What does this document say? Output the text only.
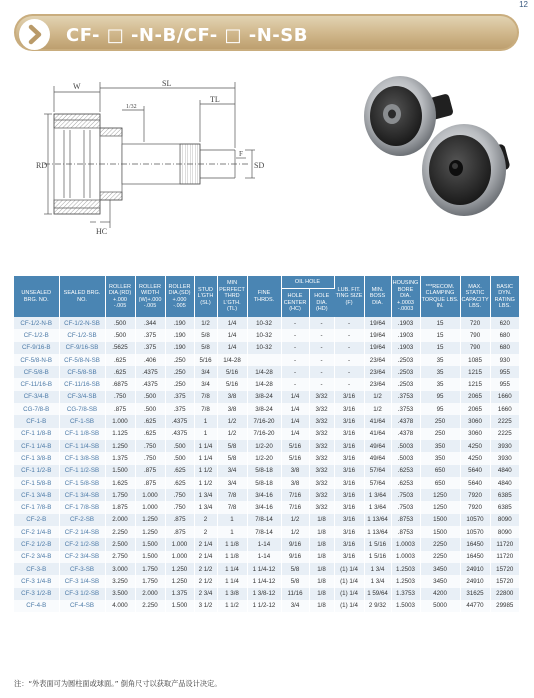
12
CF- □ -N-B/CF- □ -N-SB
W	SL
1/32
TL
RD
F
SD
HC
UNSEALED BRG. NO.	SEALED BRG. NO.	ROLLER DIA.(RD) +.000 -.005	ROLLER WIDTH (W)+.000 -.005	ROLLER DIA.(SD) +.000 -.005	STUD L'GTH (SL)	MIN PERFECT THRD L'GTH.(TL)	FINE THRDS.	OIL HOLE		LUB. FIT. TING SIZE (F)	MIN. BOSS DIA.	HOUSING BORE DIA. +.0003 -.0003	***RECOM. CLAMPING TORQUE LBS. IN.	MAX. STATIC CAPACITY LBS.	BASIC DYN. RATING LBS.
								HOLE CENTER (HC)	HOLE DIA. (HD)						
CF-1/2-N-B	CF-1/2-N-SB	.500	.344	.190	1/2	1/4	10-32	-	-	-	19/64	.1903	15	720	620
CF-1/2-B	CF-1/2-SB	.500	.375	.190	5/8	1/4	10-32	-	-	-	19/64	.1903	15	790	680
CF-9/16-B	CF-9/16-SB	.5625	.375	.190	5/8	1/4	10-32	-	-	-	19/64	.1903	15	790	680
CF-5/8-N-B	CF-5/8-N-SB	.625	.406	.250	5/16	1/4-28		-	-	-	23/64	.2503	35	1085	930
CF-5/8-B	CF-5/8-SB	.625	.4375	.250	3/4	5/16	1/4-28	-	-	-	23/64	.2503	35	1215	955
CF-11/16-B	CF-11/16-SB	.6875	.4375	.250	3/4	5/16	1/4-28	-	-	-	23/64	.2503	35	1215	955
CF-3/4-B	CF-3/4-SB	.750	.500	.375	7/8	3/8	3/8-24	1/4	3/32	3/16	1/2	.3753	95	2065	1660
CG-7/8-B	CG-7/8-SB	.875	.500	.375	7/8	3/8	3/8-24	1/4	3/32	3/16	1/2	.3753	95	2065	1660
CF-1-B	CF-1-SB	1.000	.625	.4375	1	1/2	7/16-20	1/4	3/32	3/16	41/64	.4378	250	3060	2225
CF-1 1/8-B	CF-1 1/8-SB	1.125	.625	.4375	1	1/2	7/16-20	1/4	3/32	3/16	41/64	.4378	250	3060	2225
CF-1 1/4-B	CF-1 1/4-SB	1.250	.750	.500	1 1/4	5/8	1/2-20	5/16	3/32	3/16	49/64	.5003	350	4250	3930
CF-1 3/8-B	CF-1 3/8-SB	1.375	.750	.500	1 1/4	5/8	1/2-20	5/16	3/32	3/16	49/64	.5003	350	4250	3930
CF-1 1/2-B	CF-1 1/2-SB	1.500	.875	.625	1 1/2	3/4	5/8-18	3/8	3/32	3/16	57/64	.6253	650	5640	4840
CF-1 5/8-B	CF-1 5/8-SB	1.625	.875	.625	1 1/2	3/4	5/8-18	3/8	3/32	3/16	57/64	.6253	650	5640	4840
CF-1 3/4-B	CF-1 3/4-SB	1.750	1.000	.750	1 3/4	7/8	3/4-16	7/16	3/32	3/16	1 3/64	.7503	1250	7920	6385
CF-1 7/8-B	CF-1 7/8-SB	1.875	1.000	.750	1 3/4	7/8	3/4-16	7/16	3/32	3/16	1 3/64	.7503	1250	7920	6385
CF-2-B	CF-2-SB	2.000	1.250	.875	2	1	7/8-14	1/2	1/8	3/16	1 13/64	.8753	1500	10570	8090
CF-2 1/4-B	CF-2 1/4-SB	2.250	1.250	.875	2	1	7/8-14	1/2	1/8	3/16	1 13/64	.8753	1500	10570	8090
CF-2 1/2-B	CF-2 1/2-SB	2.500	1.500	1.000	2 1/4	1 1/8	1-14	9/16	1/8	3/16	1 5/16	1.0003	2250	16450	11720
CF-2 3/4-B	CF-2 3/4-SB	2.750	1.500	1.000	2 1/4	1 1/8	1-14	9/16	1/8	3/16	1 5/16	1.0003	2250	16450	11720
CF-3-B	CF-3-SB	3.000	1.750	1.250	2 1/2	1 1/4	1 1/4-12	5/8	1/8	(1) 1/4	1 3/4	1.2503	3450	24910	15720
CF-3 1/4-B	CF-3 1/4-SB	3.250	1.750	1.250	2 1/2	1 1/4	1 1/4-12	5/8	1/8	(1) 1/4	1 3/4	1.2503	3450	24910	15720
CF-3 1/2-B	CF-3 1/2-SB	3.500	2.000	1.375	2 3/4	1 3/8	1 3/8-12	11/16	1/8	(1) 1/4	1 59/64	1.3753	4200	31625	22800
CF-4-B	CF-4-SB	4.000	2.250	1.500	3 1/2	1 1/2	1 1/2-12	3/4	1/8	(1) 1/4	2 9/32	1.5003	5000	44770	29985
注：“外表面可为圆柱面或球面。” 倒角尺寸以获取产品设计决定。
